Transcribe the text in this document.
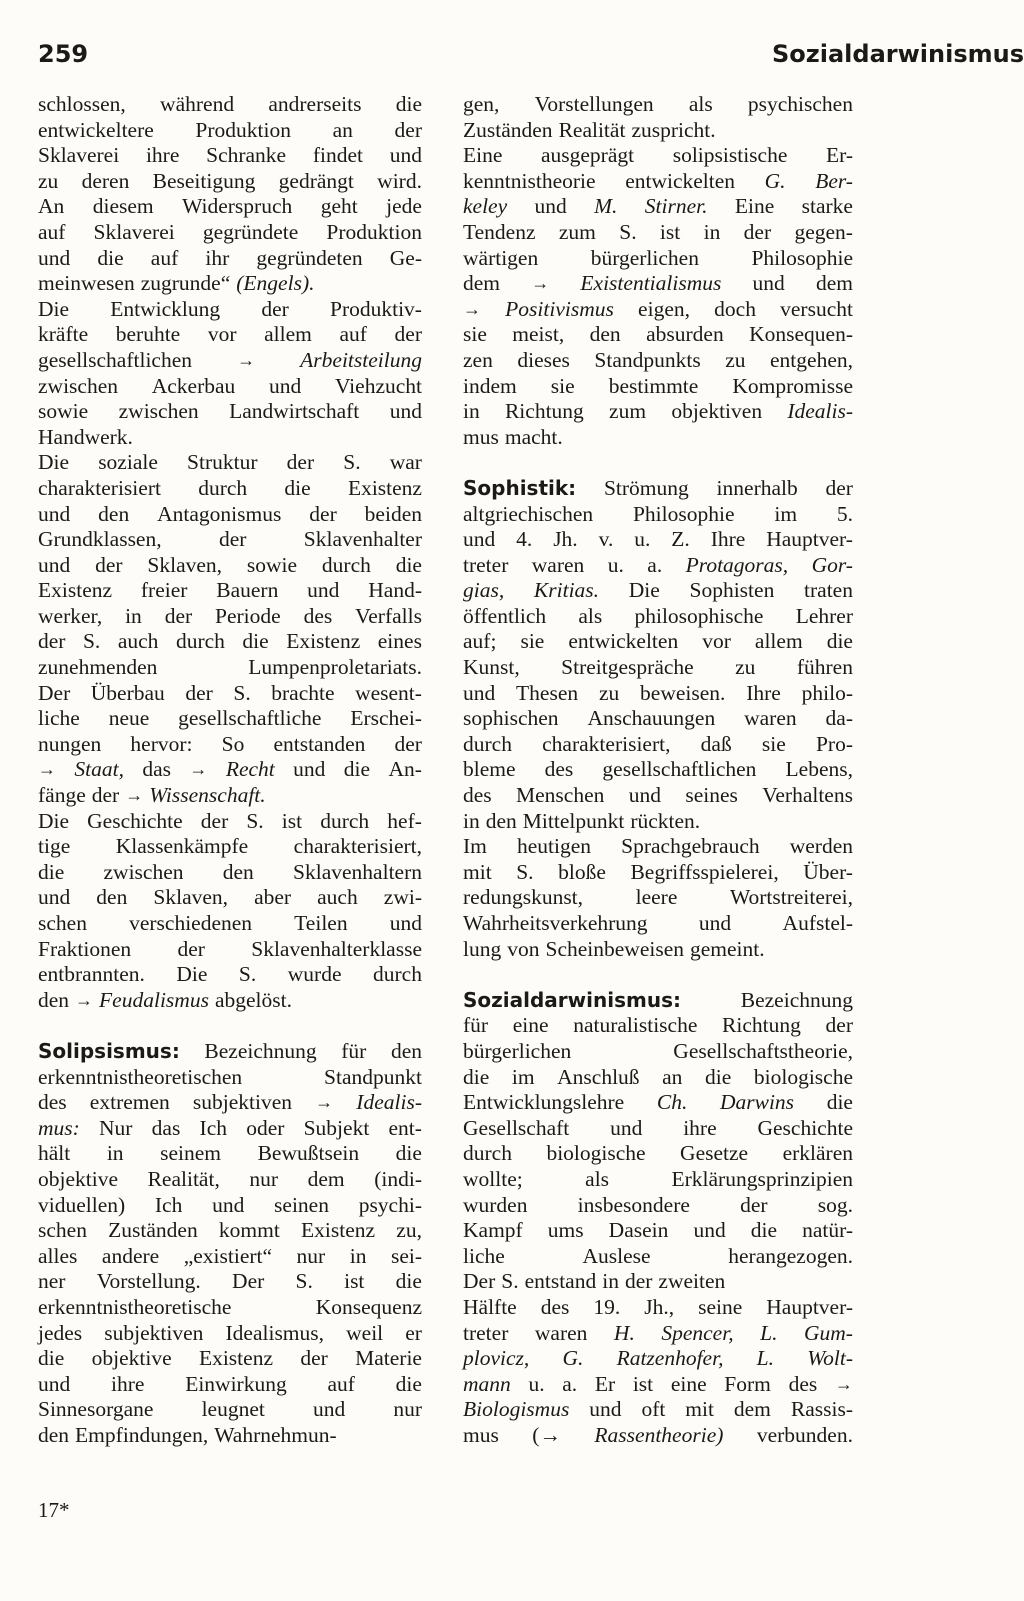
259	Sozialdarwinismus
schlossen, während andrerseits die
entwickeltere Produktion an der
Sklaverei ihre Schranke findet und
zu deren Beseitigung gedrängt wird.
An diesem Widerspruch geht jede
auf Sklaverei gegründete Produktion
und die auf ihr gegründeten Ge-
meinwesen zugrunde“ (Engels).
Die Entwicklung der Produktiv-
kräfte beruhte vor allem auf der
gesellschaftlichen	→ Arbeitsteilung
zwischen Ackerbau und Viehzucht
sowie zwischen Landwirtschaft und
Handwerk.
Die soziale Struktur der S. war
charakterisiert durch die Existenz
und den Antagonismus der beiden
Grundklassen,	der	Sklavenhalter
und der Sklaven, sowie durch die
Existenz freier Bauern und Hand-
werker, in der Periode des Verfalls
der S. auch durch die Existenz eines
zunehmenden	Lumpenproletariats.
Der Überbau der S. brachte wesent-
liche neue gesellschaftliche Erschei-
nungen hervor: So entstanden der
→ Staat, das → Recht und die An-
fänge der → Wissenschaft.
Die Geschichte der S. ist durch hef-
tige Klassenkämpfe charakterisiert,
die zwischen den Sklavenhaltern
und den Sklaven, aber auch zwi-
schen verschiedenen Teilen und
Fraktionen der Sklavenhalterklasse
entbrannten. Die S. wurde durch
den → Feudalismus abgelöst.
Solipsismus: Bezeichnung für den
erkenntnistheoretischen	Standpunkt
des extremen subjektiven → Idealis-
mus: Nur das Ich oder Subjekt ent-
hält in seinem Bewußtsein die
objektive Realität, nur dem (indi-
viduellen) Ich und seinen psychi-
schen Zuständen kommt Existenz zu,
alles andere „existiert“ nur in sei-
ner Vorstellung. Der S. ist die
erkenntnistheoretische	Konsequenz
jedes subjektiven Idealismus, weil er
die objektive Existenz der Materie
und ihre Einwirkung auf die
Sinnesorgane leugnet und nur
den Empfindungen, Wahrnehmun-
gen, Vorstellungen als psychischen
Zuständen Realität zuspricht.
Eine ausgeprägt solipsistische Er-
kenntnistheorie entwickelten G. Ber-
keley und M. Stirner. Eine starke
Tendenz zum S. ist in der gegen-
wärtigen bürgerlichen Philosophie
dem → Existentialismus und dem
→ Positivismus eigen, doch versucht
sie meist, den absurden Konsequen-
zen dieses Standpunkts zu entgehen,
indem sie bestimmte Kompromisse
in Richtung zum objektiven Idealis-
mus macht.
Sophistik: Strömung innerhalb der
altgriechischen Philosophie im 5.
und 4. Jh. v. u. Z. Ihre Hauptver-
treter waren u. a. Protagoras, Gor-
gias, Kritias. Die Sophisten traten
öffentlich als philosophische Lehrer
auf; sie entwickelten vor allem die
Kunst, Streitgespräche zu führen
und Thesen zu beweisen. Ihre philo-
sophischen Anschauungen waren da-
durch charakterisiert, daß sie Pro-
bleme des gesellschaftlichen Lebens,
des Menschen und seines Verhaltens
in den Mittelpunkt rückten.
Im heutigen Sprachgebrauch werden
mit S. bloße Begriffsspielerei, Über-
redungskunst, leere Wortstreiterei,
Wahrheitsverkehrung und Aufstel-
lung von Scheinbeweisen gemeint.
Sozialdarwinismus:	Bezeichnung
für eine naturalistische Richtung der
bürgerlichen	Gesellschaftstheorie,
die im Anschluß an die biologische
Entwicklungslehre Ch. Darwins die
Gesellschaft und ihre Geschichte
durch biologische Gesetze erklären
wollte;	als	Erklärungsprinzipien
wurden insbesondere der sog.
Kampf ums Dasein und die natür-
liche	Auslese	herangezogen.
Der S. entstand in der zweiten
Hälfte des 19. Jh., seine Hauptver-
treter waren H. Spencer, L. Gum-
plovicz, G. Ratzenhofer, L. Wolt-
mann u. a. Er ist eine Form des →
Biologismus und oft mit dem Rassis-
mus (→ Rassentheorie) verbunden.
17*
